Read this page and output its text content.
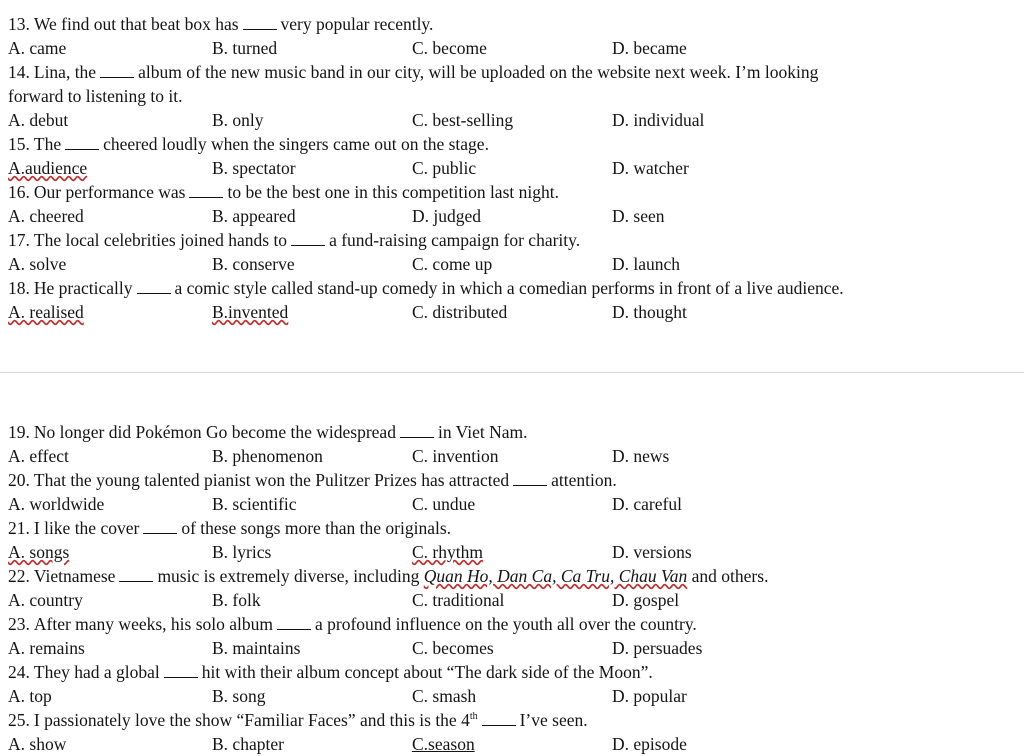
13. We find out that beat box has very popular recently.
A. came	B. turned	C. become	D. became
14. Lina, the album of the new music band in our city, will be uploaded on the website next week. I’m looking
forward to listening to it.
A. debut	B. only	C. best-selling	D. individual
15. The cheered loudly when the singers came out on the stage.
A.audience	B. spectator	C. public	D. watcher
16. Our performance was to be the best one in this competition last night.
A. cheered	B. appeared	D. judged	D. seen
17. The local celebrities joined hands to a fund-raising campaign for charity.
A. solve	B. conserve	C. come up	D. launch
18. He practically a comic style called stand-up comedy in which a comedian performs in front of a live audience.
A. realised	B.invented	C. distributed	D. thought
19. No longer did Pokémon Go become the widespread in Viet Nam.
A. effect	B. phenomenon	C. invention	D. news
20. That the young talented pianist won the Pulitzer Prizes has attracted attention.
A. worldwide	B. scientific	C. undue	D. careful
21. I like the cover of these songs more than the originals.
A. songs	B. lyrics	C. rhythm	D. versions
22. Vietnamese music is extremely diverse, including Quan Ho, Dan Ca, Ca Tru, Chau Van and others.
A. country	B. folk	C. traditional	D. gospel
23. After many weeks, his solo album a profound influence on the youth all over the country.
A. remains	B. maintains	C. becomes	D. persuades
24. They had a global hit with their album concept about “The dark side of the Moon”.
A. top	B. song	C. smash	D. popular
25. I passionately love the show “Familiar Faces” and this is the 4th I’ve seen.
A. show	B. chapter	C.season	D. episode
